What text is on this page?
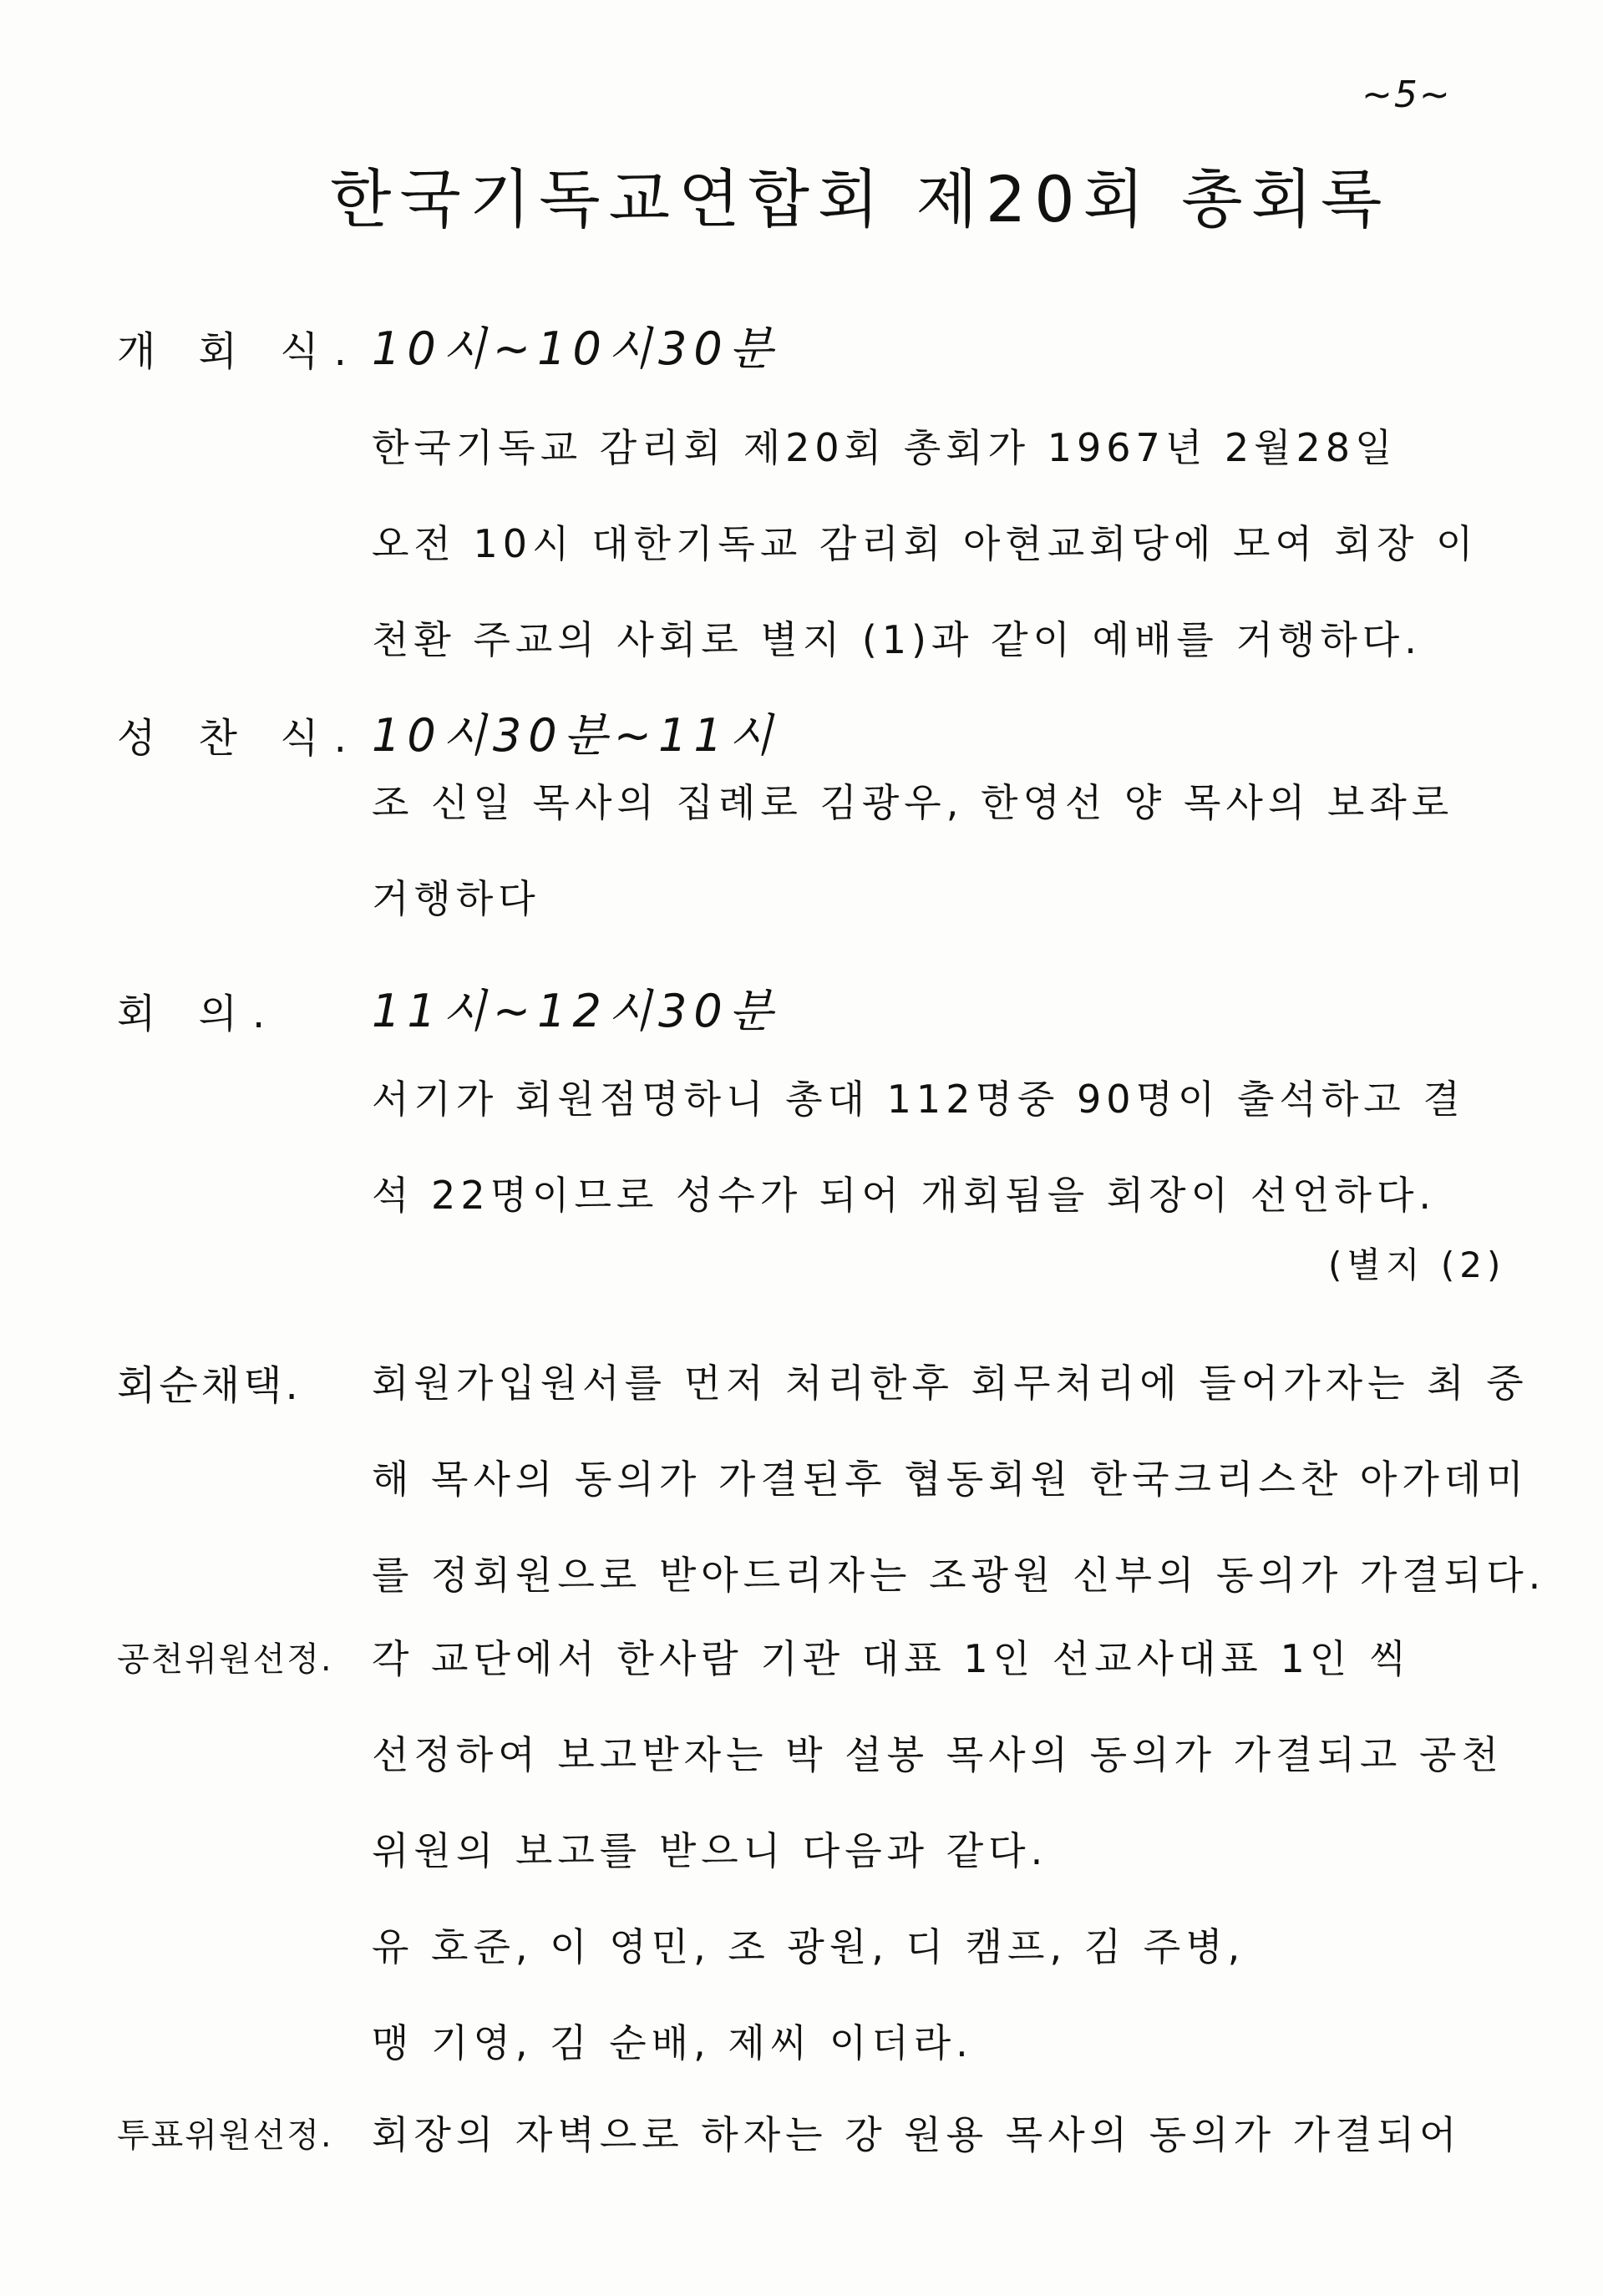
~5~
한국기독교연합회 제20회 총회록
개 회 식. 10시~10시30분
한국기독교 감리회 제20회 총회가 1967년 2월28일
오전 10시 대한기독교 감리회 아현교회당에 모여 회장 이
천환 주교의 사회로 별지 (1)과 같이 예배를 거행하다.
성 찬 식. 10시30분~11시
조 신일 목사의 집례로 김광우, 한영선 양 목사의 보좌로
거행하다
회 의. 11시~12시30분
서기가 회원점명하니 총대 112명중 90명이 출석하고 결
석 22명이므로 성수가 되어 개회됨을 회장이 선언하다.
(별지 (2)
회순채택. 회원가입원서를 먼저 처리한후 회무처리에 들어가자는 최 중
해 목사의 동의가 가결된후 협동회원 한국크리스찬 아가데미
를 정회원으로 받아드리자는 조광원 신부의 동의가 가결되다.
공천위원선정. 각 교단에서 한사람 기관 대표 1인 선교사대표 1인 씩
선정하여 보고받자는 박 설봉 목사의 동의가 가결되고 공천
위원의 보고를 받으니 다음과 같다.
유 호준, 이 영민, 조 광원, 디 캠프, 김 주병,
맹 기영, 김 순배, 제씨 이더라.
투표위원선정. 회장의 자벽으로 하자는 강 원용 목사의 동의가 가결되어
